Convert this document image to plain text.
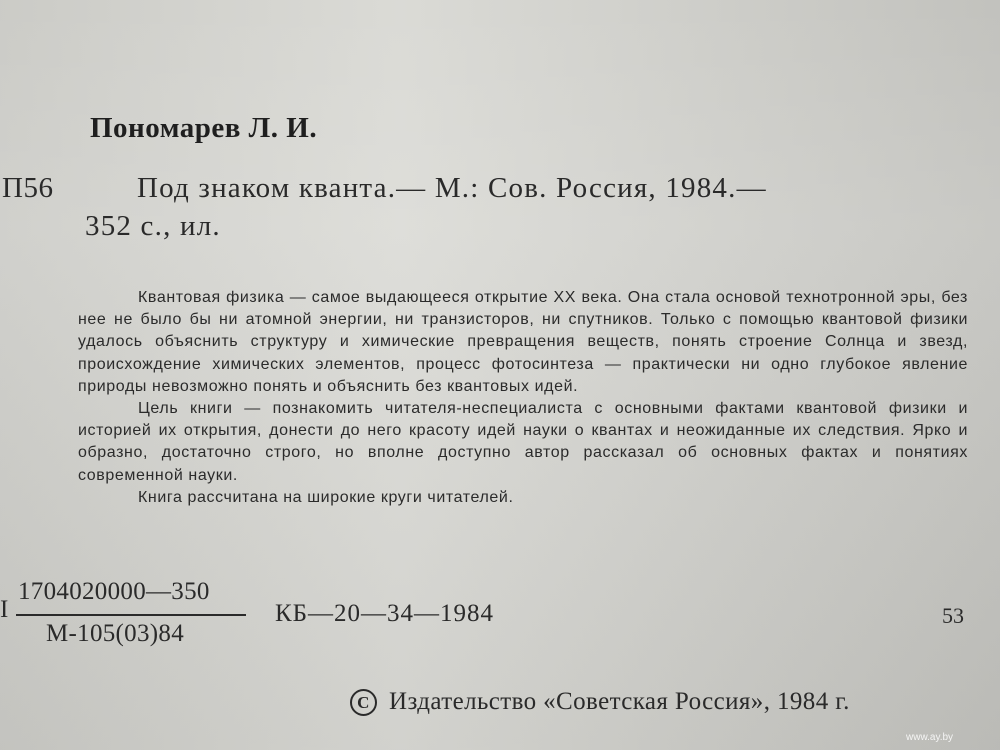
Пономарев Л. И.
П56	Под знаком кванта.— М.: Сов. Россия, 1984.—
352 с., ил.

Квантовая физика — самое выдающееся открытие XX века. Она стала основой технотронной эры, без нее не было бы ни атомной энергии, ни транзисторов, ни спутников. Только с помощью квантовой физики удалось объяснить структуру и химические превращения веществ, понять строение Солнца и звезд, происхождение химических элементов, процесс фотосинтеза — практически ни одно глубокое явление природы невозможно понять и объяснить без квантовых идей.

Цель книги — познакомить читателя-неспециалиста с основными фактами квантовой физики и историей их открытия, донести до него красоту идей науки о квантах и неожиданные их следствия. Ярко и образно, достаточно строго, но вполне доступно автор рассказал об основных фактах и понятиях современной науки.

Книга рассчитана на широкие круги читателей.

I
1704020000—350
М-105(03)84
КБ—20—34—1984	53
C Издательство «Советская Россия», 1984 г.
www.ay.by
